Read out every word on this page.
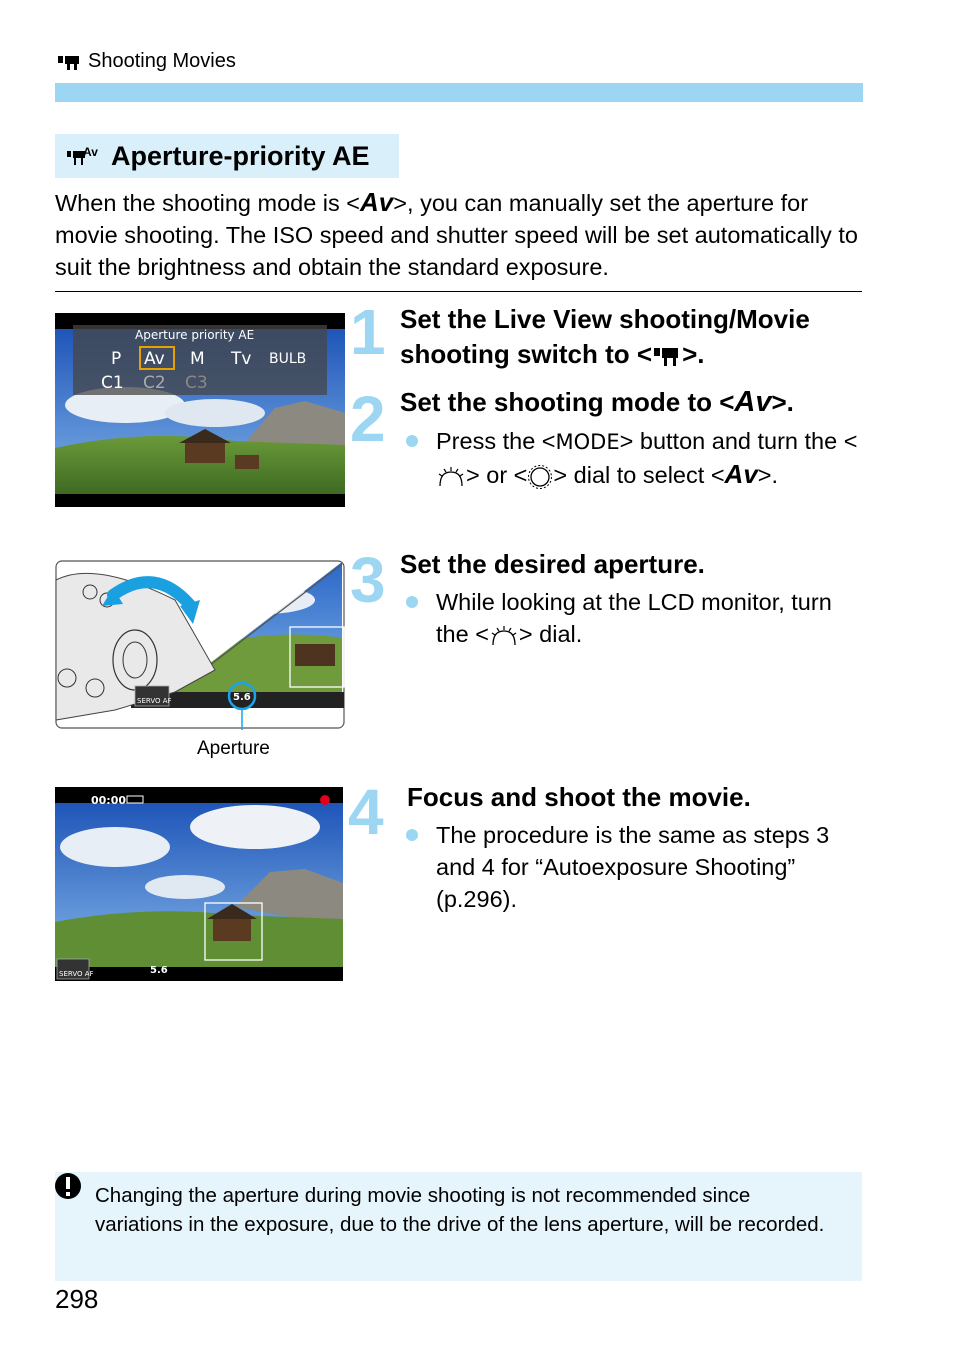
Shooting Movies
Av Aperture-priority AE
When the shooting mode is <Av>, you can manually set the aperture for movie shooting. The ISO speed and shutter speed will be set automatically to suit the brightness and obtain the standard exposure.
Aperture priority AE
P Av M Tv BULB
C1 C2 C3
1 Set the Live View shooting/Movie shooting switch to < >.
2 Set the shooting mode to <Av>.
Press the <MODE> button and turn the <> or < > dial to select <Av>.
SERVO AF	5.6
Aperture
3 Set the desired aperture.
While looking at the LCD monitor, turn the < > dial.
00:00
SERVO AF	5.6
4 Focus and shoot the movie.
The procedure is the same as steps 3 and 4 for “Autoexposure Shooting” (p.296).
Changing the aperture during movie shooting is not recommended since variations in the exposure, due to the drive of the lens aperture, will be recorded.
298
